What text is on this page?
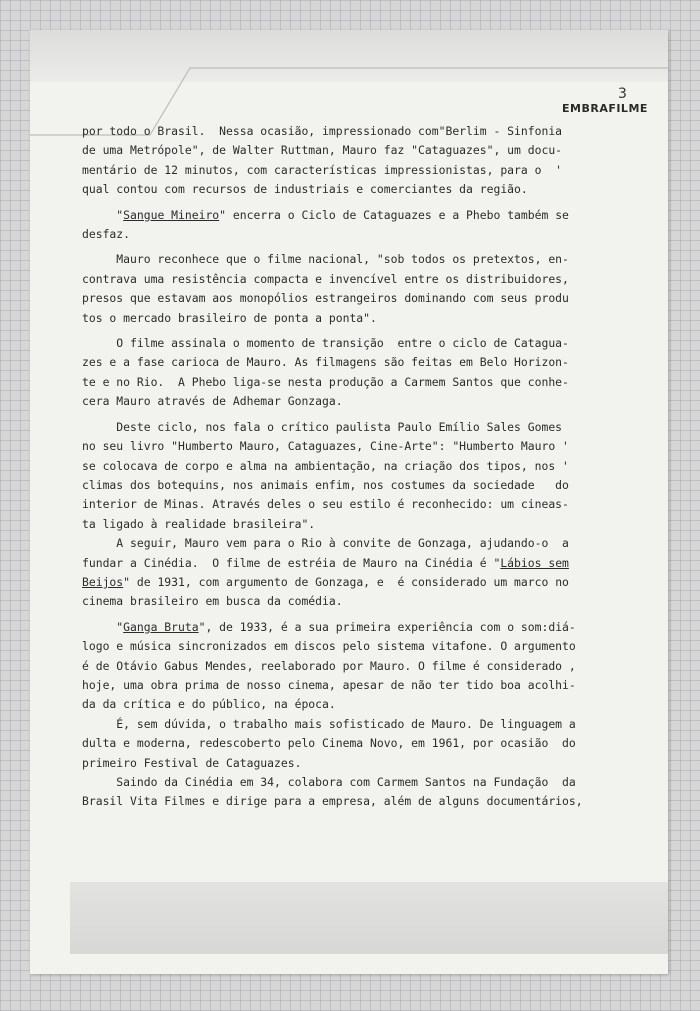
3
EMBRAFILME
por todo o Brasil.  Nessa ocasião, impressionado com"Berlim - Sinfonia
de uma Metrópole", de Walter Ruttman, Mauro faz "Cataguazes", um docu-
mentário de 12 minutos, com características impressionistas, para o  '
qual contou com recursos de industriais e comerciantes da região.
"Sangue Mineiro" encerra o Ciclo de Cataguazes e a Phebo também se
desfaz.
Mauro reconhece que o filme nacional, "sob todos os pretextos, en-
contrava uma resistência compacta e invencível entre os distribuidores,
presos que estavam aos monopólios estrangeiros dominando com seus produ
tos o mercado brasileiro de ponta a ponta".
O filme assinala o momento de transição  entre o ciclo de Catagua-
zes e a fase carioca de Mauro. As filmagens são feitas em Belo Horizon-
te e no Rio.  A Phebo liga-se nesta produção a Carmem Santos que conhe-
cera Mauro através de Adhemar Gonzaga.
Deste ciclo, nos fala o crítico paulista Paulo Emílio Sales Gomes
no seu livro "Humberto Mauro, Cataguazes, Cine-Arte": "Humberto Mauro '
se colocava de corpo e alma na ambientação, na criação dos tipos, nos '
climas dos botequins, nos animais enfim, nos costumes da sociedade   do
interior de Minas. Através deles o seu estilo é reconhecido: um cineas-
ta ligado à realidade brasileira".
A seguir, Mauro vem para o Rio à convite de Gonzaga, ajudando-o  a
fundar a Cinédia.  O filme de estréia de Mauro na Cinédia é "Lábios sem
Beijos" de 1931, com argumento de Gonzaga, e  é considerado um marco no
cinema brasileiro em busca da comédia.
"Ganga Bruta", de 1933, é a sua primeira experiência com o som:diá-
logo e música sincronizados em discos pelo sistema vitafone. O argumento
é de Otávio Gabus Mendes, reelaborado por Mauro. O filme é considerado ,
hoje, uma obra prima de nosso cinema, apesar de não ter tido boa acolhi-
da da crítica e do público, na época.
É, sem dúvida, o trabalho mais sofisticado de Mauro. De linguagem a
dulta e moderna, redescoberto pelo Cinema Novo, em 1961, por ocasião  do
primeiro Festival de Cataguazes.
Saindo da Cinédia em 34, colabora com Carmem Santos na Fundação  da
Brasil Vita Filmes e dirige para a empresa, além de alguns documentários,
